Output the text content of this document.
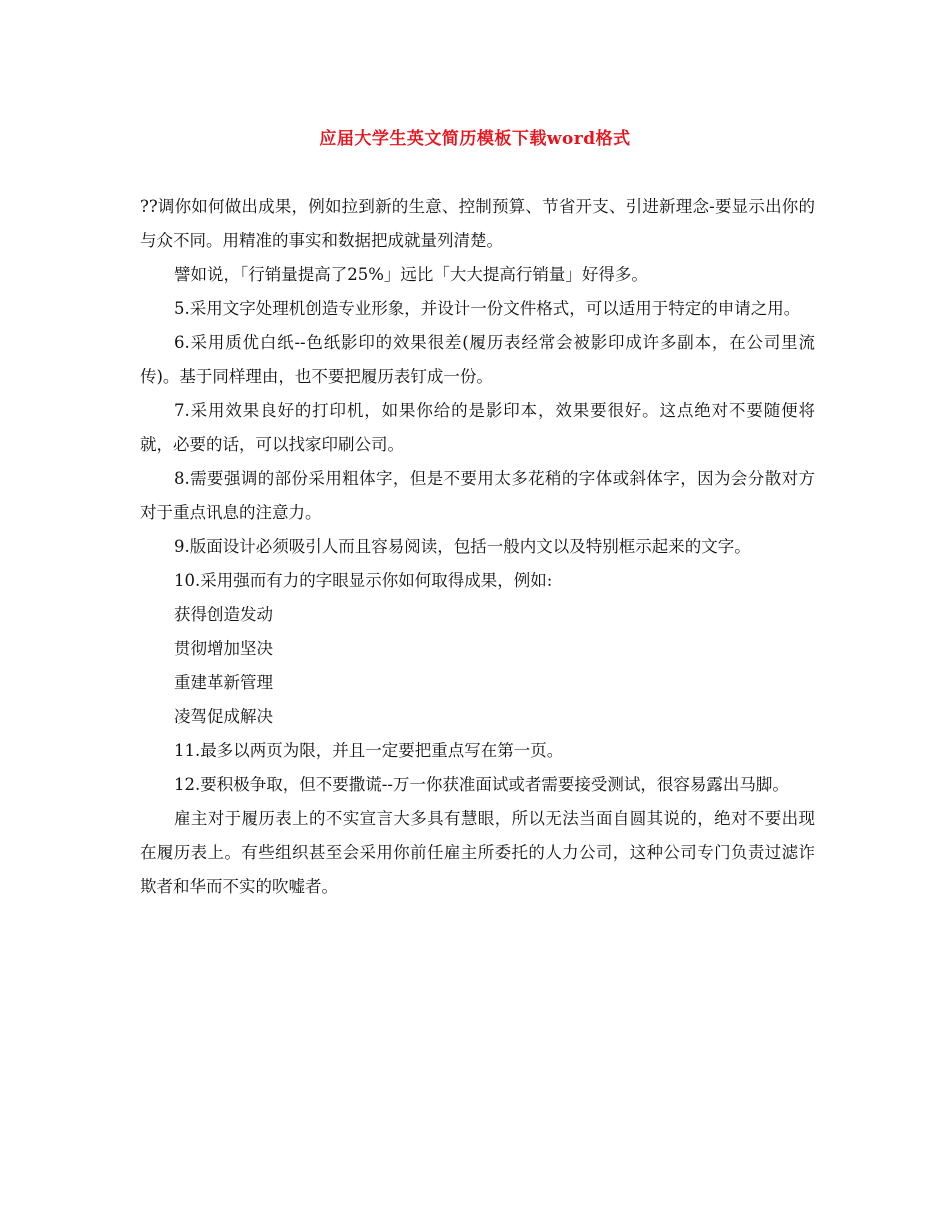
应届大学生英文简历模板下载word格式

??调你如何做出成果，例如拉到新的生意、控制预算、节省开支、引进新理念-要显示出你的与众不同。用精准的事实和数据把成就量列清楚。

譬如说，「行销量提高了25%」远比「大大提高行销量」好得多。

5.采用文字处理机创造专业形象，并设计一份文件格式，可以适用于特定的申请之用。

6.采用质优白纸--色纸影印的效果很差(履历表经常会被影印成许多副本，在公司里流传)。基于同样理由，也不要把履历表钉成一份。

7.采用效果良好的打印机，如果你给的是影印本，效果要很好。这点绝对不要随便将就，必要的话，可以找家印刷公司。

8.需要强调的部份采用粗体字，但是不要用太多花稍的字体或斜体字，因为会分散对方对于重点讯息的注意力。

9.版面设计必须吸引人而且容易阅读，包括一般内文以及特别框示起来的文字。

10.采用强而有力的字眼显示你如何取得成果，例如:

获得创造发动

贯彻增加坚决

重建革新管理

凌驾促成解决

11.最多以两页为限，并且一定要把重点写在第一页。

12.要积极争取，但不要撒谎--万一你获准面试或者需要接受测试，很容易露出马脚。

雇主对于履历表上的不实宣言大多具有慧眼，所以无法当面自圆其说的，绝对不要出现在履历表上。有些组织甚至会采用你前任雇主所委托的人力公司，这种公司专门负责过滤诈欺者和华而不实的吹嘘者。
